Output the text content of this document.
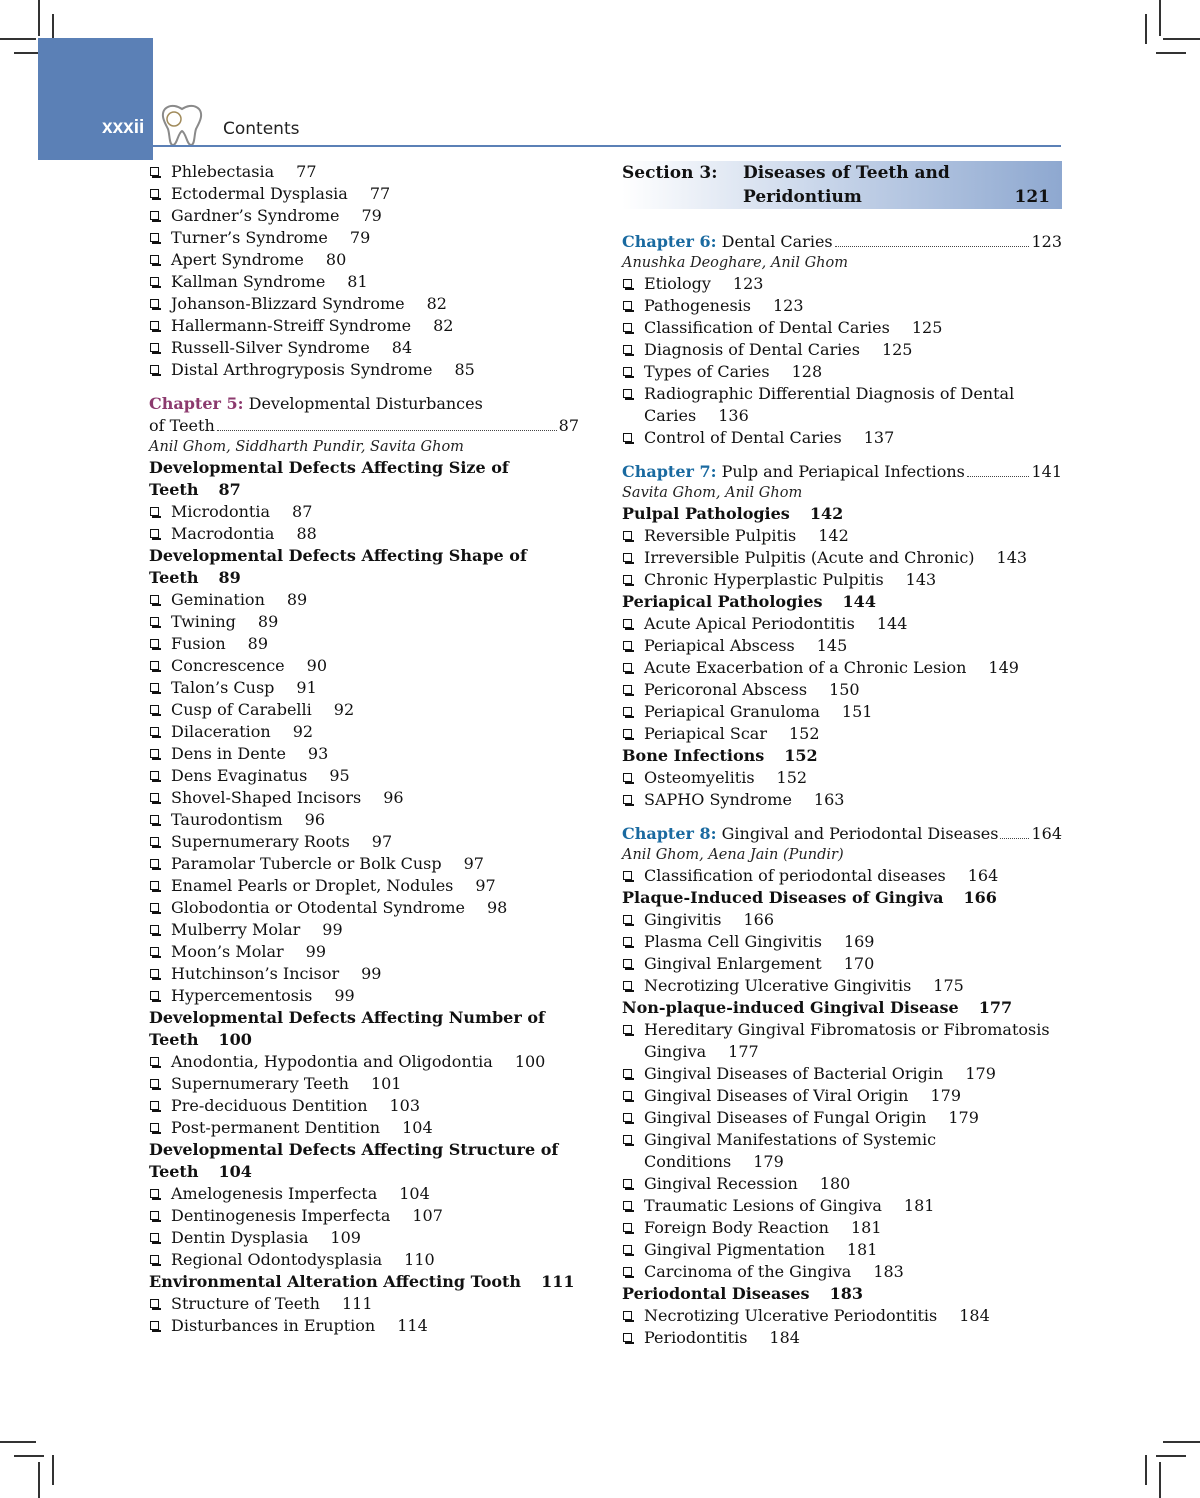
xxxii	Contents
Phlebectasia 77
Ectodermal Dysplasia 77
Gardner’s Syndrome 79
Turner’s Syndrome 79
Apert Syndrome 80
Kallman Syndrome 81
Johanson-Blizzard Syndrome 82
Hallermann-Streiff Syndrome 82
Russell-Silver Syndrome 84
Distal Arthrogryposis Syndrome 85
Chapter 5: Developmental Disturbances
of Teeth	87
Anil Ghom, Siddharth Pundir, Savita Ghom
Developmental Defects Affecting Size of
Teeth 87
Microdontia 87
Macrodontia 88
Developmental Defects Affecting Shape of
Teeth 89
Gemination 89
Twining 89
Fusion 89
Concrescence 90
Talon’s Cusp 91
Cusp of Carabelli 92
Dilaceration 92
Dens in Dente 93
Dens Evaginatus 95
Shovel-Shaped Incisors 96
Taurodontism 96
Supernumerary Roots 97
Paramolar Tubercle or Bolk Cusp 97
Enamel Pearls or Droplet, Nodules 97
Globodontia or Otodental Syndrome 98
Mulberry Molar 99
Moon’s Molar 99
Hutchinson’s Incisor 99
Hypercementosis 99
Developmental Defects Affecting Number of
Teeth 100
Anodontia, Hypodontia and Oligodontia 100
Supernumerary Teeth 101
Pre-deciduous Dentition 103
Post-permanent Dentition 104
Developmental Defects Affecting Structure of
Teeth 104
Amelogenesis Imperfecta 104
Dentinogenesis Imperfecta 107
Dentin Dysplasia 109
Regional Odontodysplasia 110
Environmental Alteration Affecting Tooth 111
Structure of Teeth 111
Disturbances in Eruption 114
Section 3: Diseases of Teeth and
Peridontium	121
Chapter 6: Dental Caries	123
Anushka Deoghare, Anil Ghom
Etiology 123
Pathogenesis 123
Classification of Dental Caries 125
Diagnosis of Dental Caries 125
Types of Caries 128
Radiographic Differential Diagnosis of Dental
Caries 136
Control of Dental Caries 137
Chapter 7: Pulp and Periapical Infections	141
Savita Ghom, Anil Ghom
Pulpal Pathologies 142
Reversible Pulpitis 142
Irreversible Pulpitis (Acute and Chronic) 143
Chronic Hyperplastic Pulpitis 143
Periapical Pathologies 144
Acute Apical Periodontitis 144
Periapical Abscess 145
Acute Exacerbation of a Chronic Lesion 149
Pericoronal Abscess 150
Periapical Granuloma 151
Periapical Scar 152
Bone Infections 152
Osteomyelitis 152
SAPHO Syndrome 163
Chapter 8: Gingival and Periodontal Diseases 164
Anil Ghom, Aena Jain (Pundir)
Classification of periodontal diseases 164
Plaque-Induced Diseases of Gingiva 166
Gingivitis 166
Plasma Cell Gingivitis 169
Gingival Enlargement 170
Necrotizing Ulcerative Gingivitis 175
Non-plaque-induced Gingival Disease 177
Hereditary Gingival Fibromatosis or Fibromatosis
Gingiva 177
Gingival Diseases of Bacterial Origin 179
Gingival Diseases of Viral Origin 179
Gingival Diseases of Fungal Origin 179
Gingival Manifestations of Systemic
Conditions 179
Gingival Recession 180
Traumatic Lesions of Gingiva 181
Foreign Body Reaction 181
Gingival Pigmentation 181
Carcinoma of the Gingiva 183
Periodontal Diseases 183
Necrotizing Ulcerative Periodontitis 184
Periodontitis 184
